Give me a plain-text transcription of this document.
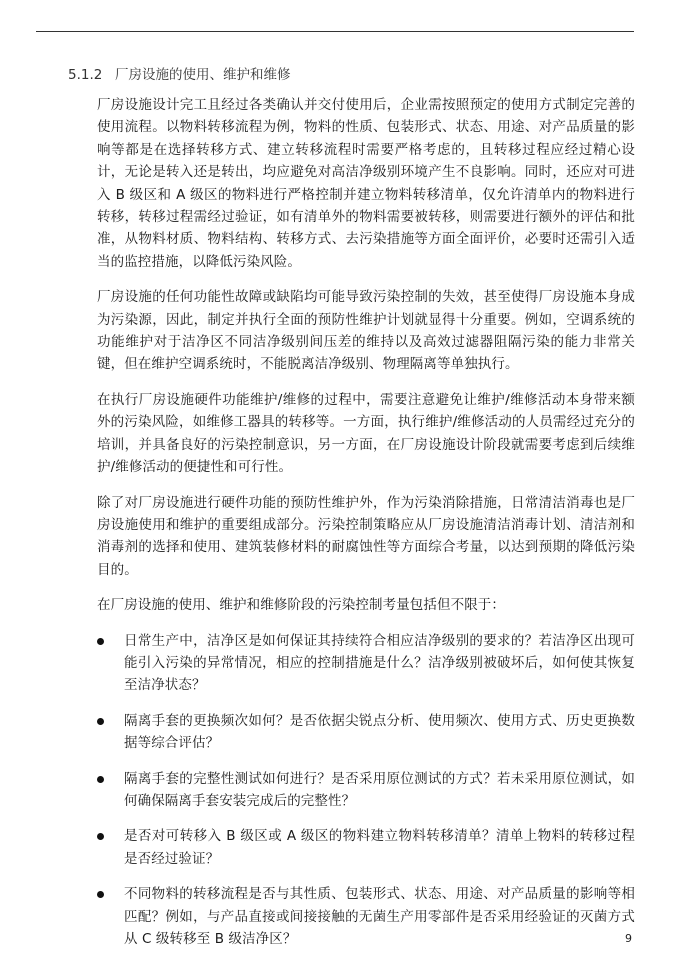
5.1.2 厂房设施的使用、维护和维修

厂房设施设计完工且经过各类确认并交付使用后，企业需按照预定的使用方式制定完善的使用流程。以物料转移流程为例，物料的性质、包装形式、状态、用途、对产品质量的影响等都是在选择转移方式、建立转移流程时需要严格考虑的，且转移过程应经过精心设计，无论是转入还是转出，均应避免对高洁净级别环境产生不良影响。同时，还应对可进入 B 级区和 A 级区的物料进行严格控制并建立物料转移清单，仅允许清单内的物料进行转移，转移过程需经过验证，如有清单外的物料需要被转移，则需要进行额外的评估和批准，从物料材质、物料结构、转移方式、去污染措施等方面全面评价，必要时还需引入适当的监控措施，以降低污染风险。

厂房设施的任何功能性故障或缺陷均可能导致污染控制的失效，甚至使得厂房设施本身成为污染源，因此，制定并执行全面的预防性维护计划就显得十分重要。例如，空调系统的功能维护对于洁净区不同洁净级别间压差的维持以及高效过滤器阻隔污染的能力非常关键，但在维护空调系统时，不能脱离洁净级别、物理隔离等单独执行。

在执行厂房设施硬件功能维护/维修的过程中，需要注意避免让维护/维修活动本身带来额外的污染风险，如维修工器具的转移等。一方面，执行维护/维修活动的人员需经过充分的培训，并具备良好的污染控制意识，另一方面，在厂房设施设计阶段就需要考虑到后续维护/维修活动的便捷性和可行性。

除了对厂房设施进行硬件功能的预防性维护外，作为污染消除措施，日常清洁消毒也是厂房设施使用和维护的重要组成部分。污染控制策略应从厂房设施清洁消毒计划、清洁剂和消毒剂的选择和使用、建筑装修材料的耐腐蚀性等方面综合考量，以达到预期的降低污染目的。

在厂房设施的使用、维护和维修阶段的污染控制考量包括但不限于：

日常生产中，洁净区是如何保证其持续符合相应洁净级别的要求的？若洁净区出现可能引入污染的异常情况，相应的控制措施是什么？洁净级别被破坏后，如何使其恢复至洁净状态？
隔离手套的更换频次如何？是否依据尖锐点分析、使用频次、使用方式、历史更换数据等综合评估？
隔离手套的完整性测试如何进行？是否采用原位测试的方式？若未采用原位测试，如何确保隔离手套安装完成后的完整性？
是否对可转移入 B 级区或 A 级区的物料建立物料转移清单？清单上物料的转移过程是否经过验证？
不同物料的转移流程是否与其性质、包装形式、状态、用途、对产品质量的影响等相匹配？例如，与产品直接或间接接触的无菌生产用零部件是否采用经验证的灭菌方式从 C 级转移至 B 级洁净区？	9
